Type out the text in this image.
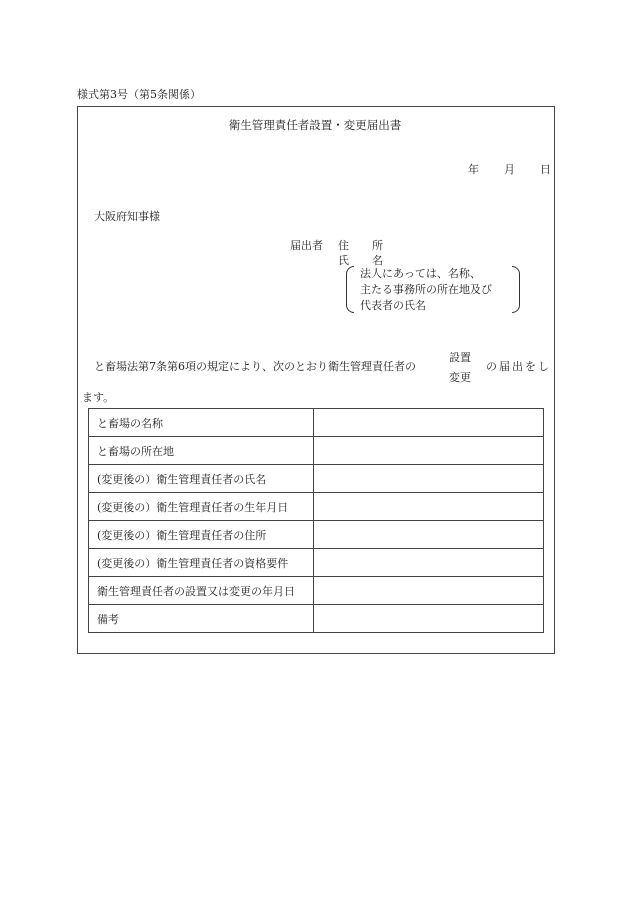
様式第3号（第5条関係）
衛生管理責任者設置・変更届出書
年 月 日
大阪府知事様
届出者 住 所
氏 名
法人にあっては、名称、
主たる事務所の所在地及び
代表者の氏名
と畜場法第7条第6項の規定により、次のとおり衛生管理責任者の
設置
変更
の届出をし
ます。
と畜場の名称	
と畜場の所在地	
(変更後の）衛生管理責任者の氏名	
(変更後の）衛生管理責任者の生年月日	
(変更後の）衛生管理責任者の住所	
(変更後の）衛生管理責任者の資格要件	
衛生管理責任者の設置又は変更の年月日	
備考	
